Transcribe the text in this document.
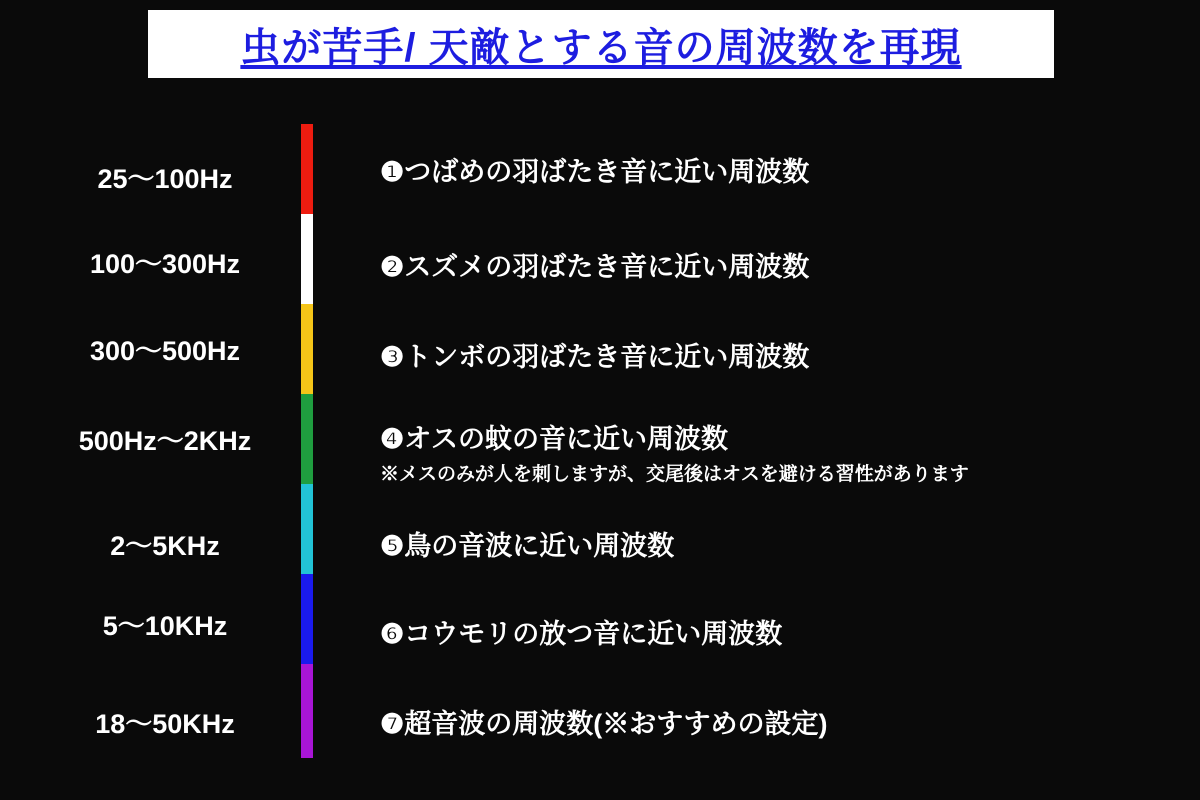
虫が苦手/ 天敵とする音の周波数を再現
25〜100Hz
100〜300Hz
300〜500Hz
500Hz〜2KHz
2〜5KHz
5〜10KHz
18〜50KHz
❶つばめの羽ばたき音に近い周波数
❷スズメの羽ばたき音に近い周波数
❸トンボの羽ばたき音に近い周波数
❹オスの蚊の音に近い周波数
※メスのみが人を刺しますが、交尾後はオスを避ける習性があります
❺鳥の音波に近い周波数
❻コウモリの放つ音に近い周波数
❼超音波の周波数(※おすすめの設定)
